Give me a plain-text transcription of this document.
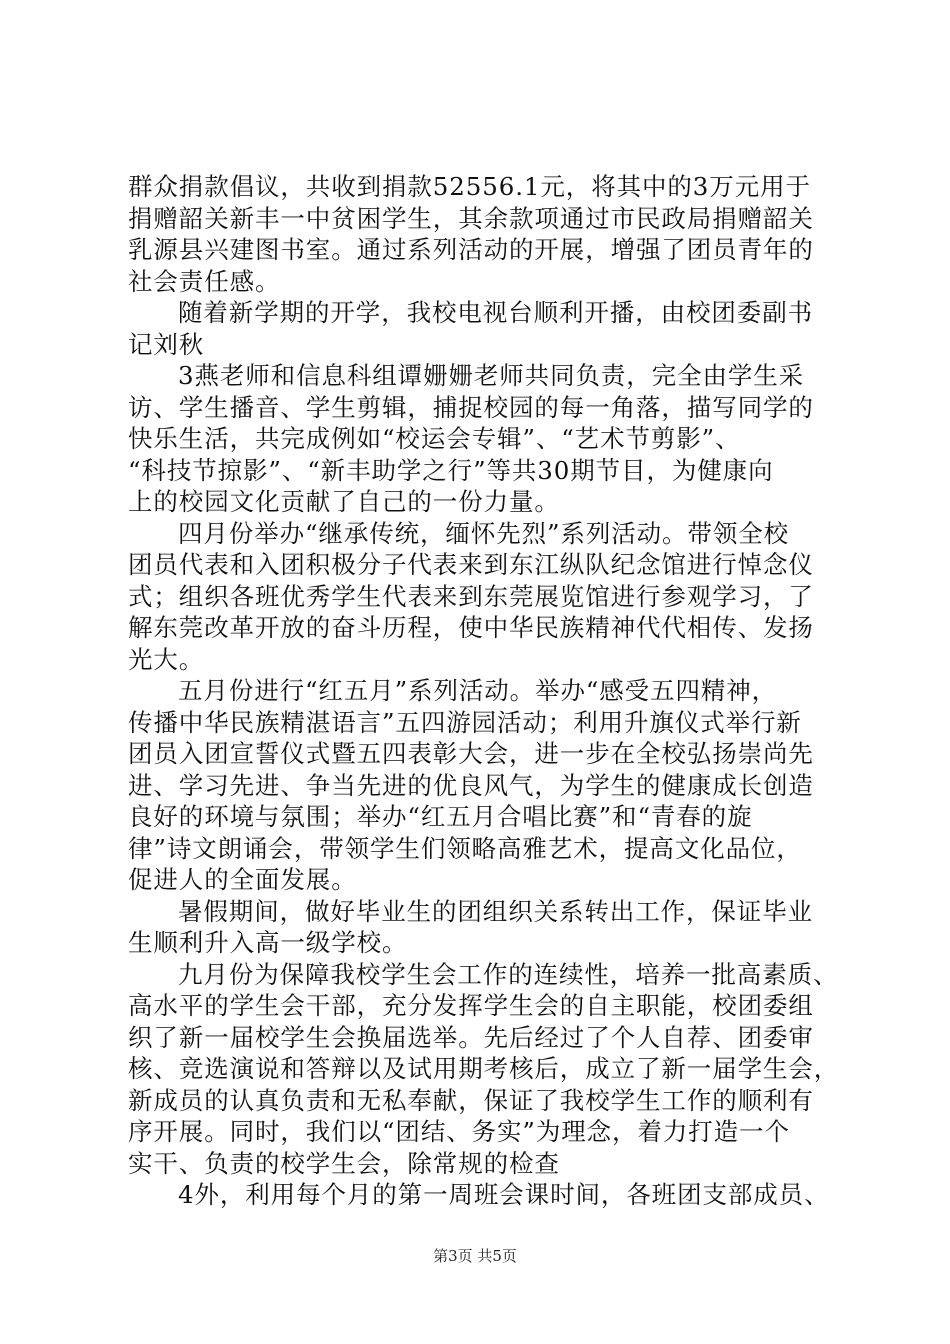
群众捐款倡议，共收到捐款52556.1元，将其中的3万元用于
捐赠韶关新丰一中贫困学生，其余款项通过市民政局捐赠韶关
乳源县兴建图书室。通过系列活动的开展，增强了团员青年的
社会责任感。
随着新学期的开学，我校电视台顺利开播，由校团委副书
记刘秋
3燕老师和信息科组谭姗姗老师共同负责，完全由学生采
访、学生播音、学生剪辑，捕捉校园的每一角落，描写同学的
快乐生活，共完成例如“校运会专辑”、“艺术节剪影”、
“科技节掠影”、“新丰助学之行”等共30期节目，为健康向
上的校园文化贡献了自己的一份力量。
四月份举办“继承传统，缅怀先烈”系列活动。带领全校
团员代表和入团积极分子代表来到东江纵队纪念馆进行悼念仪
式；组织各班优秀学生代表来到东莞展览馆进行参观学习，了
解东莞改革开放的奋斗历程，使中华民族精神代代相传、发扬
光大。
五月份进行“红五月”系列活动。举办“感受五四精神，
传播中华民族精湛语言”五四游园活动；利用升旗仪式举行新
团员入团宣誓仪式暨五四表彰大会，进一步在全校弘扬崇尚先
进、学习先进、争当先进的优良风气，为学生的健康成长创造
良好的环境与氛围；举办“红五月合唱比赛”和“青春的旋
律”诗文朗诵会，带领学生们领略高雅艺术，提高文化品位，
促进人的全面发展。
暑假期间，做好毕业生的团组织关系转出工作，保证毕业
生顺利升入高一级学校。
九月份为保障我校学生会工作的连续性，培养一批高素质、
高水平的学生会干部，充分发挥学生会的自主职能，校团委组
织了新一届校学生会换届选举。先后经过了个人自荐、团委审
核、竞选演说和答辩以及试用期考核后，成立了新一届学生会，
新成员的认真负责和无私奉献，保证了我校学生工作的顺利有
序开展。同时，我们以“团结、务实”为理念，着力打造一个
实干、负责的校学生会，除常规的检查
4外，利用每个月的第一周班会课时间，各班团支部成员、
第3页 共5页
